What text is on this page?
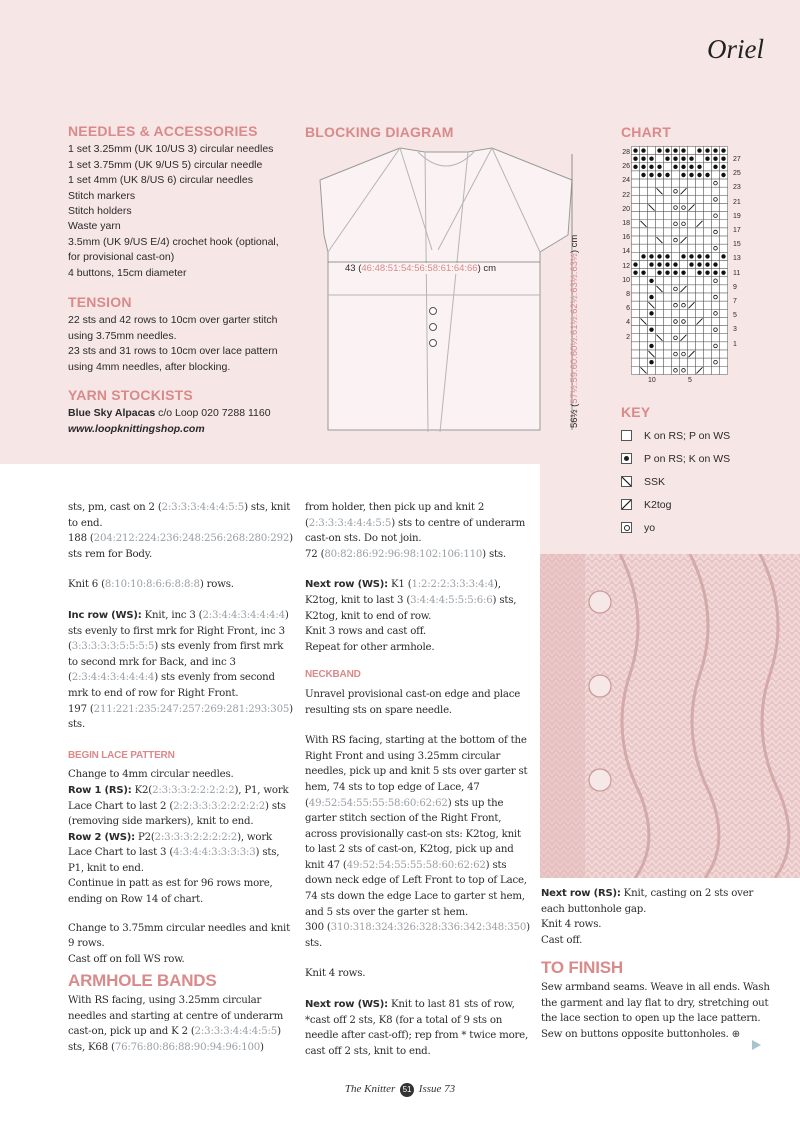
Oriel
NEEDLES & ACCESSORIES

1 set 3.25mm (UK 10/US 3) circular needles

1 set 3.75mm (UK 9/US 5) circular needle

1 set 4mm (UK 8/US 6) circular needles

Stitch markers

Stitch holders

Waste yarn

3.5mm (UK 9/US E/4) crochet hook (optional,

for provisional cast-on)

4 buttons, 15cm diameter

TENSION

22 sts and 42 rows to 10cm over garter stitch

using 3.75mm needles.

23 sts and 31 rows to 10cm over lace pattern

using 4mm needles, after blocking.

YARN STOCKISTS

Blue Sky Alpacas c/o Loop 020 7288 1160

www.loopknittingshop.com

BLOCKING DIAGRAM
43 (46:48:51:54:56:58:61:64:66) cm
56½ (57½:59:60:60½:61½:62½:63½:63½) cm
CHART
28
26
24
22
20
18
16
14
12
10
8
6
4
2
27
25
23
21
19
17
15
13
11
9
7
5
3
1
10	5
KEY
K on RS; P on WS
P on RS; K on WS
SSK
K2tog
yo

sts, pm, cast on 2 (2:3:3:3:4:4:4:5:5) sts, knit to end.
188 (204:212:224:236:248:256:268:280:292) sts rem for Body.

Knit 6 (8:10:10:8:6:6:8:8:8) rows.

Inc row (WS): Knit, inc 3 (2:3:4:4:3:4:4:4:4) sts evenly to first mrk for Right Front, inc 3 (3:3:3:3:3:5:5:5:5) sts evenly from first mrk to second mrk for Back, and inc 3 (2:3:4:4:3:4:4:4:4) sts evenly from second mrk to end of row for Right Front.
197 (211:221:235:247:257:269:281:293:305) sts.

BEGIN LACE PATTERN

Change to 4mm circular needles.
Row 1 (RS): K2(2:3:3:3:2:2:2:2:2), P1, work Lace Chart to last 2 (2:2:3:3:3:2:2:2:2:2) sts (removing side markers), knit to end.
Row 2 (WS): P2(2:3:3:3:2:2:2:2:2), work Lace Chart to last 3 (4:3:4:4:3:3:3:3:3) sts, P1, knit to end.
Continue in patt as est for 96 rows more, ending on Row 14 of chart.

Change to 3.75mm circular needles and knit 9 rows.
Cast off on foll WS row.

ARMHOLE BANDS

With RS facing, using 3.25mm circular needles and starting at centre of underarm cast-on, pick up and K 2 (2:3:3:3:4:4:4:5:5) sts, K68 (76:76:80:86:88:90:94:96:100)

from holder, then pick up and knit 2 (2:3:3:3:4:4:4:5:5) sts to centre of underarm cast-on sts. Do not join.
72 (80:82:86:92:96:98:102:106:110) sts.

Next row (WS): K1 (1:2:2:2:3:3:3:4:4), K2tog, knit to last 3 (3:4:4:4:5:5:5:6:6) sts, K2tog, knit to end of row.
Knit 3 rows and cast off.
Repeat for other armhole.

NECKBAND

Unravel provisional cast-on edge and place resulting sts on spare needle.

With RS facing, starting at the bottom of the Right Front and using 3.25mm circular needles, pick up and knit 5 sts over garter st hem, 74 sts to top edge of Lace, 47 (49:52:54:55:55:58:60:62:62) sts up the garter stitch section of the Right Front, across provisionally cast-on sts: K2tog, knit to last 2 sts of cast-on, K2tog, pick up and knit 47 (49:52:54:55:55:58:60:62:62) sts down neck edge of Left Front to top of Lace, 74 sts down the edge Lace to garter st hem, and 5 sts over the garter st hem.
300 (310:318:324:326:328:336:342:348:350) sts.

Knit 4 rows.

Next row (WS): Knit to last 81 sts of row, *cast off 2 sts, K8 (for a total of 9 sts on needle after cast-off); rep from * twice more, cast off 2 sts, knit to end.

Next row (RS): Knit, casting on 2 sts over each buttonhole gap.
Knit 4 rows.
Cast off.

TO FINISH

Sew armband seams. Weave in all ends. Wash the garment and lay flat to dry, stretching out the lace section to open up the lace pattern. Sew on buttons opposite buttonholes. ⊕

The Knitter 51 Issue 73
